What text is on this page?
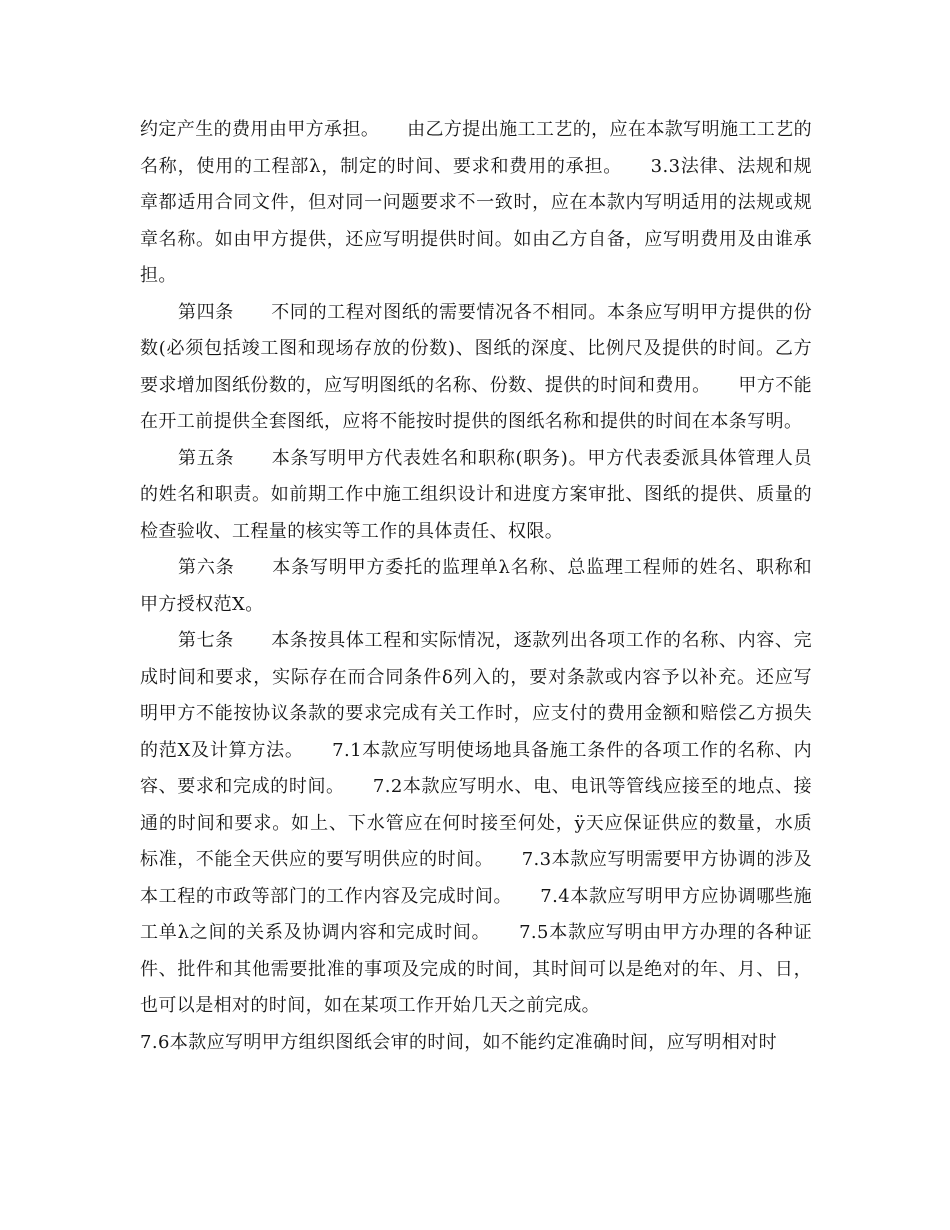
约定产生的费用由甲方承担。　　由乙方提出施工工艺的，应在本款写明施工工艺的名称，使用的工程部λ，制定的时间、要求和费用的承担。　　3.3法律、法规和规章都适用合同文件，但对同一问题要求不一致时，应在本款内写明适用的法规或规章名称。如由甲方提供，还应写明提供时间。如由乙方自备，应写明费用及由谁承担。

第四条　　不同的工程对图纸的需要情况各不相同。本条应写明甲方提供的份数(必须包括竣工图和现场存放的份数)、图纸的深度、比例尺及提供的时间。乙方要求增加图纸份数的，应写明图纸的名称、份数、提供的时间和费用。　　甲方不能在开工前提供全套图纸，应将不能按时提供的图纸名称和提供的时间在本条写明。

第五条　　本条写明甲方代表姓名和职称(职务)。甲方代表委派具体管理人员的姓名和职责。如前期工作中施工组织设计和进度方案审批、图纸的提供、质量的检查验收、工程量的核实等工作的具体责任、权限。

第六条　　本条写明甲方委托的监理单λ名称、总监理工程师的姓名、职称和甲方授权范Χ。

第七条　　本条按具体工程和实际情况，逐款列出各项工作的名称、内容、完成时间和要求，实际存在而合同条件δ列入的，要对条款或内容予以补充。还应写明甲方不能按协议条款的要求完成有关工作时，应支付的费用金额和赔偿乙方损失的范Χ及计算方法。　　7.1本款应写明使场地具备施工条件的各项工作的名称、内容、要求和完成的时间。　　7.2本款应写明水、电、电讯等管线应接至的地点、接通的时间和要求。如上、下水管应在何时接至何处，ÿ天应保证供应的数量，水质标准，不能全天供应的要写明供应的时间。　　7.3本款应写明需要甲方协调的涉及本工程的市政等部门的工作内容及完成时间。　　7.4本款应写明甲方应协调哪些施工单λ之间的关系及协调内容和完成时间。　　7.5本款应写明由甲方办理的各种证件、批件和其他需要批准的事项及完成的时间，其时间可以是绝对的年、月、日，也可以是相对的时间，如在某项工作开始几天之前完成。

7.6本款应写明甲方组织图纸会审的时间，如不能约定准确时间，应写明相对时
